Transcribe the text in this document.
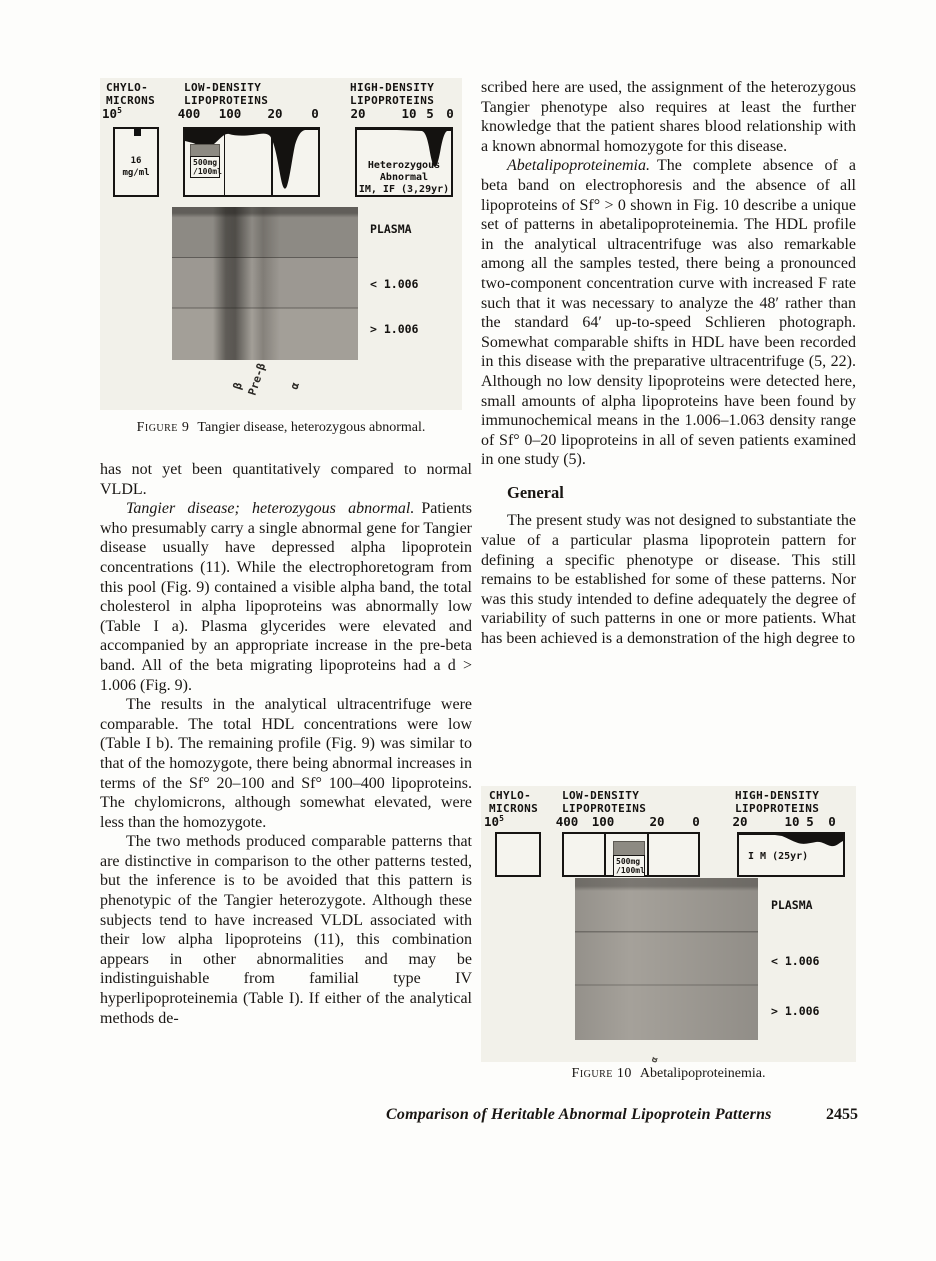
CHYLO-
MICRONS
$10^5$
16 mg/ml
LOW-DENSITY
LIPOPROTEINS
400 100 20 0
500mg
/100ml
HIGH-DENSITY
LIPOPROTEINS
20	10 5 0
Heterozygous
Abnormal
IM, IF (3,29yr)
PLASMA
< 1.006
> 1.006
β Pre-β α
Figure 9 Tangier disease, heterozygous abnormal.

has not yet been quantitatively compared to normal VLDL.

Tangier disease; heterozygous abnormal. Patients who presumably carry a single abnormal gene for Tangier disease usually have depressed alpha lipoprotein concentrations (11). While the electrophoretogram from this pool (Fig. 9) contained a visible alpha band, the total cholesterol in alpha lipoproteins was abnormally low (Table I a). Plasma glycerides were elevated and accompanied by an appropriate increase in the pre-beta band. All of the beta migrating lipoproteins had a d > 1.006 (Fig. 9).

The results in the analytical ultracentrifuge were comparable. The total HDL concentrations were low (Table I b). The remaining profile (Fig. 9) was similar to that of the homozygote, there being abnormal increases in terms of the Sf° 20–100 and Sf° 100–400 lipoproteins. The chylomicrons, although somewhat elevated, were less than the homozygote.

The two methods produced comparable patterns that are distinctive in comparison to the other patterns tested, but the inference is to be avoided that this pattern is phenotypic of the Tangier heterozygote. Although these subjects tend to have increased VLDL associated with their low alpha lipoproteins (11), this combination appears in other abnormalities and may be indistinguishable from familial type IV hyperlipoproteinemia (Table I). If either of the analytical methods de-

scribed here are used, the assignment of the heterozygous Tangier phenotype also requires at least the further knowledge that the patient shares blood relationship with a known abnormal homozygote for this disease.

Abetalipoproteinemia. The complete absence of a beta band on electrophoresis and the absence of all lipoproteins of Sf° > 0 shown in Fig. 10 describe a unique set of patterns in abetalipoproteinemia. The HDL profile in the analytical ultracentrifuge was also remarkable among all the samples tested, there being a pronounced two-component concentration curve with increased F rate such that it was necessary to analyze the 48′ rather than the standard 64′ up-to-speed Schlieren photograph. Somewhat comparable shifts in HDL have been recorded in this disease with the preparative ultracentrifuge (5, 22). Although no low density lipoproteins were detected here, small amounts of alpha lipoproteins have been found by immunochemical means in the 1.006–1.063 density range of Sf° 0–20 lipoproteins in all of seven patients examined in one study (5).

General

The present study was not designed to substantiate the value of a particular plasma lipoprotein pattern for defining a specific phenotype or disease. This still remains to be established for some of these patterns. Nor was this study intended to define adequately the degree of variability of such patterns in one or more patients. What has been achieved is a demonstration of the high degree to

CHYLO-
MICRONS
$10^5$
LOW-DENSITY
LIPOPROTEINS
400 100	20 0
500mg
/100ml
HIGH-DENSITY
LIPOPROTEINS
20	10 5 0
I M (25yr)
PLASMA
< 1.006
> 1.006
α
Figure 10 Abetalipoproteinemia.
Comparison of Heritable Abnormal Lipoprotein Patterns	2455
